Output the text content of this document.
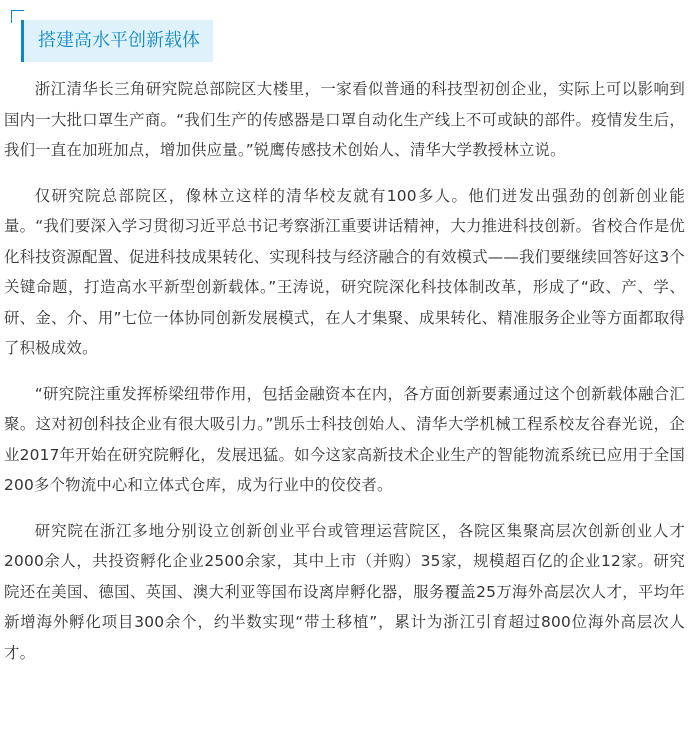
搭建高水平创新载体

浙江清华长三角研究院总部院区大楼里，一家看似普通的科技型初创企业，实际上可以影响到国内一大批口罩生产商。“我们生产的传感器是口罩自动化生产线上不可或缺的部件。疫情发生后，我们一直在加班加点，增加供应量。”锐鹰传感技术创始人、清华大学教授林立说。

仅研究院总部院区，像林立这样的清华校友就有100多人。他们迸发出强劲的创新创业能量。“我们要深入学习贯彻习近平总书记考察浙江重要讲话精神，大力推进科技创新。省校合作是优化科技资源配置、促进科技成果转化、实现科技与经济融合的有效模式——我们要继续回答好这3个关键命题，打造高水平新型创新载体。”王涛说，研究院深化科技体制改革，形成了“政、产、学、研、金、介、用”七位一体协同创新发展模式，在人才集聚、成果转化、精准服务企业等方面都取得了积极成效。

“研究院注重发挥桥梁纽带作用，包括金融资本在内，各方面创新要素通过这个创新载体融合汇聚。这对初创科技企业有很大吸引力。”凯乐士科技创始人、清华大学机械工程系校友谷春光说，企业2017年开始在研究院孵化，发展迅猛。如今这家高新技术企业生产的智能物流系统已应用于全国200多个物流中心和立体式仓库，成为行业中的佼佼者。

研究院在浙江多地分别设立创新创业平台或管理运营院区，各院区集聚高层次创新创业人才2000余人，共投资孵化企业2500余家，其中上市（并购）35家，规模超百亿的企业12家。研究院还在美国、德国、英国、澳大利亚等国布设离岸孵化器，服务覆盖25万海外高层次人才，平均年新增海外孵化项目300余个，约半数实现“带土移植”，累计为浙江引育超过800位海外高层次人才。
